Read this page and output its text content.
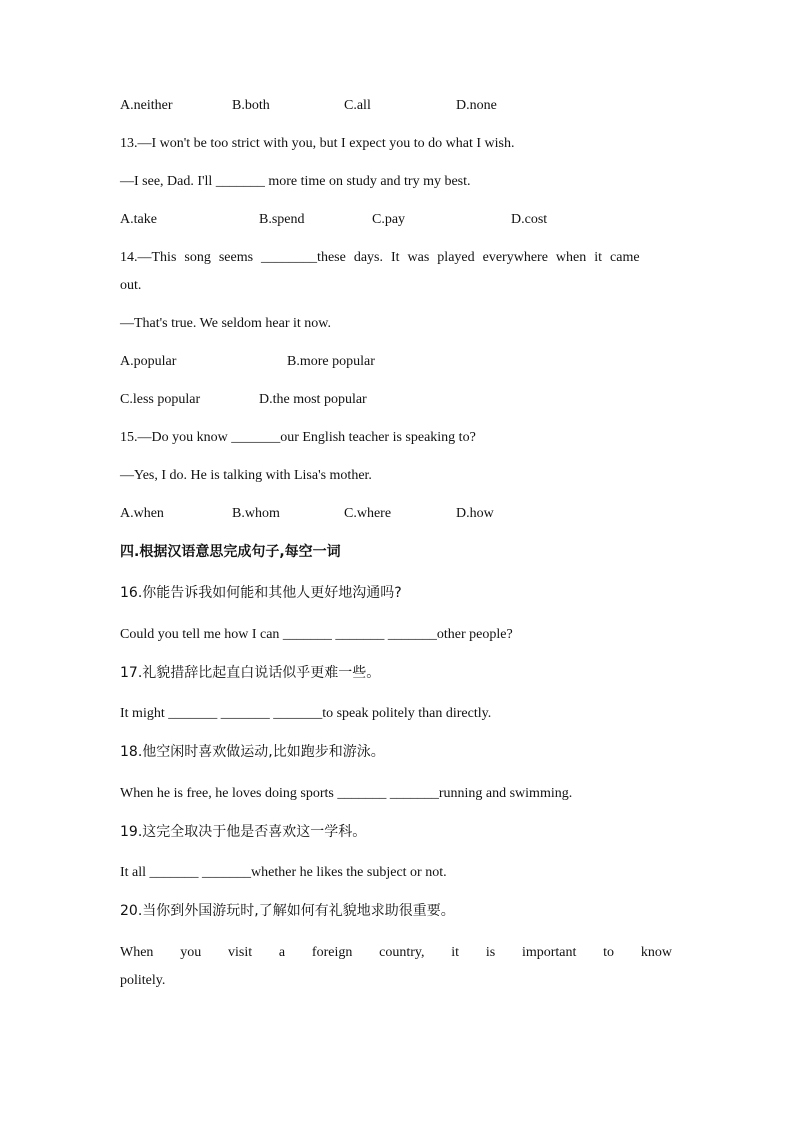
A.neither	B.both	C.all	D.none
13.—I won't be too strict with you, but I expect you to do what I wish.
—I see, Dad. I'll _______ more time on study and try my best.
A.take	B.spend	C.pay	D.cost
14.—This song seems ________these days. It was played everywhere when it came
out.
—That's true. We seldom hear it now.
A.popular	B.more popular
C.less popular	D.the most popular
15.—Do you know _______our English teacher is speaking to?
—Yes, I do. He is talking with Lisa's mother.
A.when	B.whom	C.where	D.how
四.根据汉语意思完成句子,每空一词
16.你能告诉我如何能和其他人更好地沟通吗?
Could you tell me how I can _______ _______ _______other people?
17.礼貌措辞比起直白说话似乎更难一些。
It might _______ _______ _______to speak politely than directly.
18.他空闲时喜欢做运动,比如跑步和游泳。
When he is free, he loves doing sports _______ _______running and swimming.
19.这完全取决于他是否喜欢这一学科。
It all _______ _______whether he likes the subject or not.
20.当你到外国游玩时,了解如何有礼貌地求助很重要。
When you visit a foreign country, it is important to know
politely.
